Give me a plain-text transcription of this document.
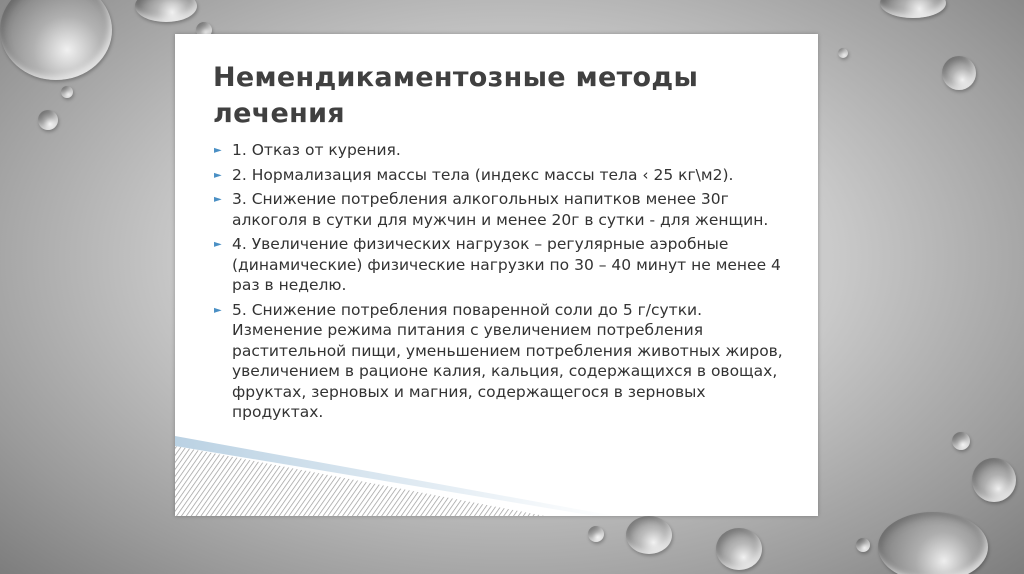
Немендикаментозные методы лечения
► 1. Отказ от курения.
► 2. Нормализация массы тела (индекс массы тела ‹ 25 кг\м2).
► 3. Снижение потребления алкогольных напитков менее 30г алкоголя в сутки для мужчин и менее 20г в сутки - для женщин.
► 4. Увеличение физических нагрузок – регулярные аэробные (динамические) физические нагрузки по 30 – 40 минут не менее 4 раз в неделю.
► 5. Снижение потребления поваренной соли до 5 г/сутки. Изменение режима питания с увеличением потребления растительной пищи, уменьшением потребления животных жиров, увеличением в рационе калия, кальция, содержащихся в овощах, фруктах, зерновых и магния, содержащегося в зерновых продуктах.
